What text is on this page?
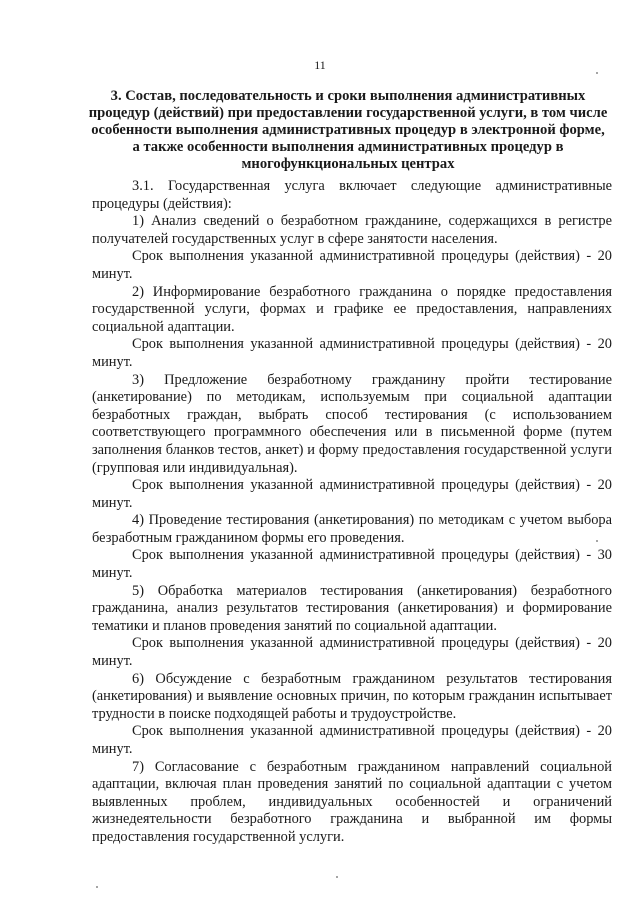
11
3. Состав, последовательность и сроки выполнения административных процедур (действий) при предоставлении государственной услуги, в том числе особенности выполнения административных процедур в электронной форме, а также особенности выполнения административных процедур в многофункциональных центрах

3.1. Государственная услуга включает следующие административные процедуры (действия):

1) Анализ сведений о безработном гражданине, содержащихся в регистре получателей государственных услуг в сфере занятости населения.

Срок выполнения указанной административной процедуры (действия) - 20 минут.

2) Информирование безработного гражданина о порядке предоставления государственной услуги, формах и графике ее предоставления, направлениях социальной адаптации.

Срок выполнения указанной административной процедуры (действия) - 20 минут.

3) Предложение безработному гражданину пройти тестирование (анкетирование) по методикам, используемым при социальной адаптации безработных граждан, выбрать способ тестирования (с использованием соответствующего программного обеспечения или в письменной форме (путем заполнения бланков тестов, анкет) и форму предоставления государственной услуги (групповая или индивидуальная).

Срок выполнения указанной административной процедуры (действия) - 20 минут.

4) Проведение тестирования (анкетирования) по методикам с учетом выбора безработным гражданином формы его проведения.

Срок выполнения указанной административной процедуры (действия) - 30 минут.

5) Обработка материалов тестирования (анкетирования) безработного гражданина, анализ результатов тестирования (анкетирования) и формирование тематики и планов проведения занятий по социальной адаптации.

Срок выполнения указанной административной процедуры (действия) - 20 минут.

6) Обсуждение с безработным гражданином результатов тестирования (анкетирования) и выявление основных причин, по которым гражданин испытывает трудности в поиске подходящей работы и трудоустройстве.

Срок выполнения указанной административной процедуры (действия) - 20 минут.

7) Согласование с безработным гражданином направлений социальной адаптации, включая план проведения занятий по социальной адаптации с учетом выявленных проблем, индивидуальных особенностей и ограничений жизнедеятельности безработного гражданина и выбранной им формы предоставления государственной услуги.
